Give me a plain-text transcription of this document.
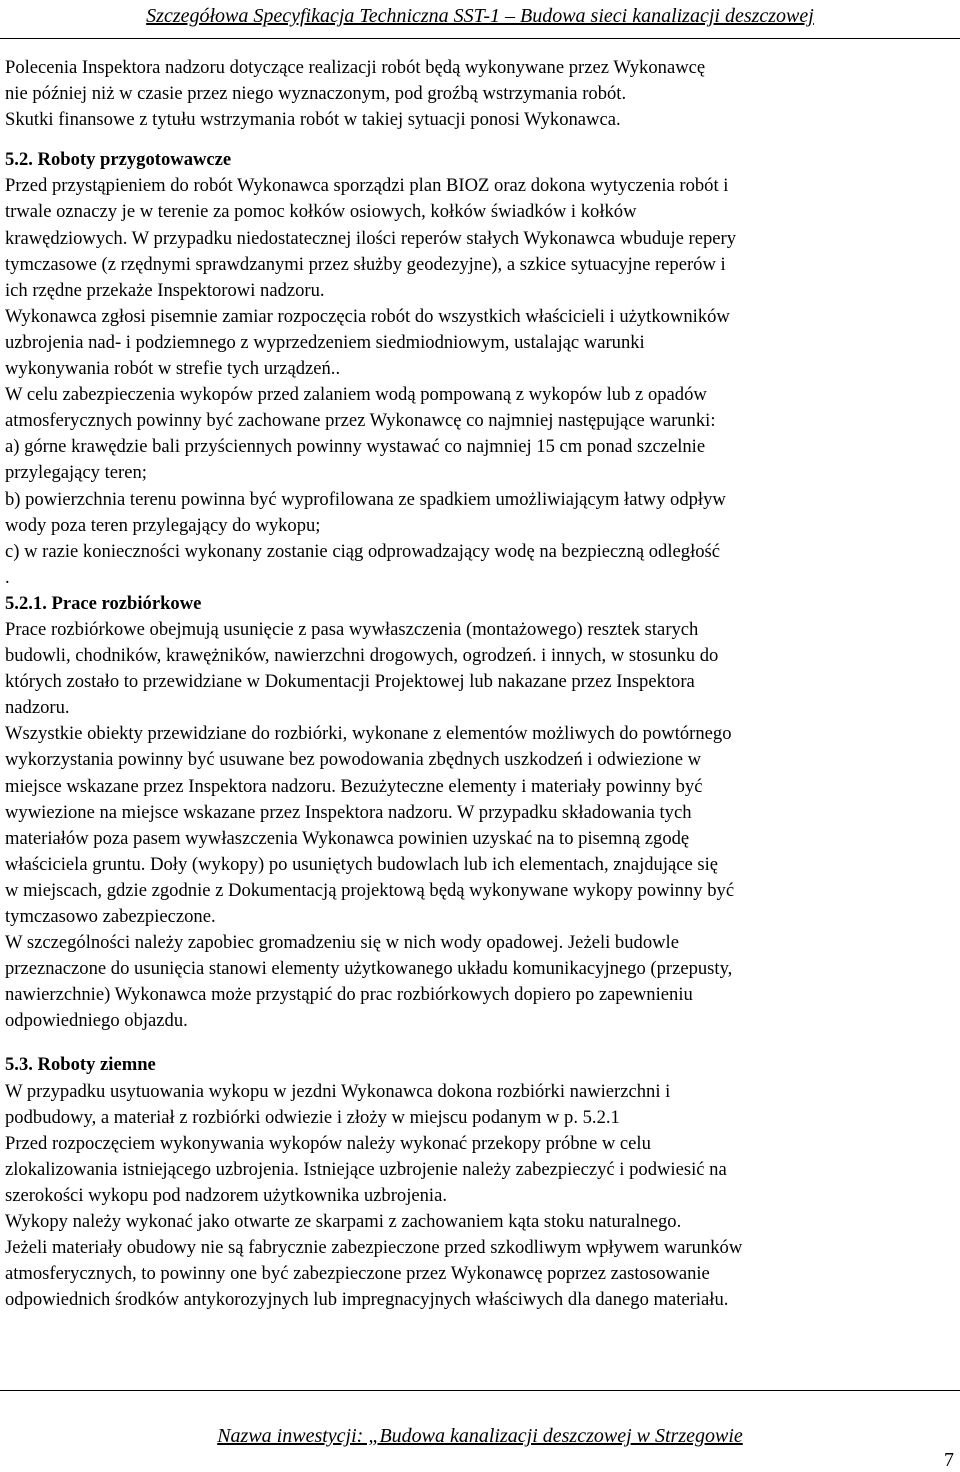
Szczegółowa Specyfikacja Techniczna SST-1 – Budowa sieci kanalizacji deszczowej

Polecenia Inspektora nadzoru dotyczące realizacji robót będą wykonywane przez Wykonawcę

nie później niż w czasie przez niego wyznaczonym, pod groźbą wstrzymania robót.

Skutki finansowe z tytułu wstrzymania robót w takiej sytuacji ponosi Wykonawca.

5.2. Roboty przygotowawcze

Przed przystąpieniem do robót Wykonawca sporządzi plan BIOZ oraz dokona wytyczenia robót i

trwale oznaczy je w terenie za pomoc kołków osiowych, kołków świadków i kołków

krawędziowych. W przypadku niedostatecznej ilości reperów stałych Wykonawca wbuduje repery

tymczasowe (z rzędnymi sprawdzanymi przez służby geodezyjne), a szkice sytuacyjne reperów i

ich rzędne przekaże Inspektorowi nadzoru.

Wykonawca zgłosi pisemnie zamiar rozpoczęcia robót do wszystkich właścicieli i użytkowników

uzbrojenia nad- i podziemnego z wyprzedzeniem siedmiodniowym, ustalając warunki

wykonywania robót w strefie tych urządzeń..

W celu zabezpieczenia wykopów przed zalaniem wodą pompowaną z wykopów lub z opadów

atmosferycznych powinny być zachowane przez Wykonawcę co najmniej następujące warunki:

a) górne krawędzie bali przyściennych powinny wystawać co najmniej 15 cm ponad szczelnie

przylegający teren;

b) powierzchnia terenu powinna być wyprofilowana ze spadkiem umożliwiającym łatwy odpływ

wody poza teren przylegający do wykopu;

c) w razie konieczności wykonany zostanie ciąg odprowadzający wodę na bezpieczną odległość

.

5.2.1. Prace rozbiórkowe

Prace rozbiórkowe obejmują usunięcie z pasa wywłaszczenia (montażowego) resztek starych

budowli, chodników, krawężników, nawierzchni drogowych, ogrodzeń. i innych, w stosunku do

których zostało to przewidziane w Dokumentacji Projektowej lub nakazane przez Inspektora

nadzoru.

Wszystkie obiekty przewidziane do rozbiórki, wykonane z elementów możliwych do powtórnego

wykorzystania powinny być usuwane bez powodowania zbędnych uszkodzeń i odwiezione w

miejsce wskazane przez Inspektora nadzoru. Bezużyteczne elementy i materiały powinny być

wywiezione na miejsce wskazane przez Inspektora nadzoru. W przypadku składowania tych

materiałów poza pasem wywłaszczenia Wykonawca powinien uzyskać na to pisemną zgodę

właściciela gruntu. Doły (wykopy) po usuniętych budowlach lub ich elementach, znajdujące się

w miejscach, gdzie zgodnie z Dokumentacją projektową będą wykonywane wykopy powinny być

tymczasowo zabezpieczone.

W szczególności należy zapobiec gromadzeniu się w nich wody opadowej. Jeżeli budowle

przeznaczone do usunięcia stanowi elementy użytkowanego układu komunikacyjnego (przepusty,

nawierzchnie) Wykonawca może przystąpić do prac rozbiórkowych dopiero po zapewnieniu

odpowiedniego objazdu.

5.3. Roboty ziemne

W przypadku usytuowania wykopu w jezdni Wykonawca dokona rozbiórki nawierzchni i

podbudowy, a materiał z rozbiórki odwiezie i złoży w miejscu podanym w p. 5.2.1

Przed rozpoczęciem wykonywania wykopów należy wykonać przekopy próbne w celu

zlokalizowania istniejącego uzbrojenia. Istniejące uzbrojenie należy zabezpieczyć i podwiesić na

szerokości wykopu pod nadzorem użytkownika uzbrojenia.

Wykopy należy wykonać jako otwarte ze skarpami z zachowaniem kąta stoku naturalnego.

Jeżeli materiały obudowy nie są fabrycznie zabezpieczone przed szkodliwym wpływem warunków

atmosferycznych, to powinny one być zabezpieczone przez Wykonawcę poprzez zastosowanie

odpowiednich środków antykorozyjnych lub impregnacyjnych właściwych dla danego materiału.

Nazwa inwestycji: „Budowa kanalizacji deszczowej w Strzegowie
7
